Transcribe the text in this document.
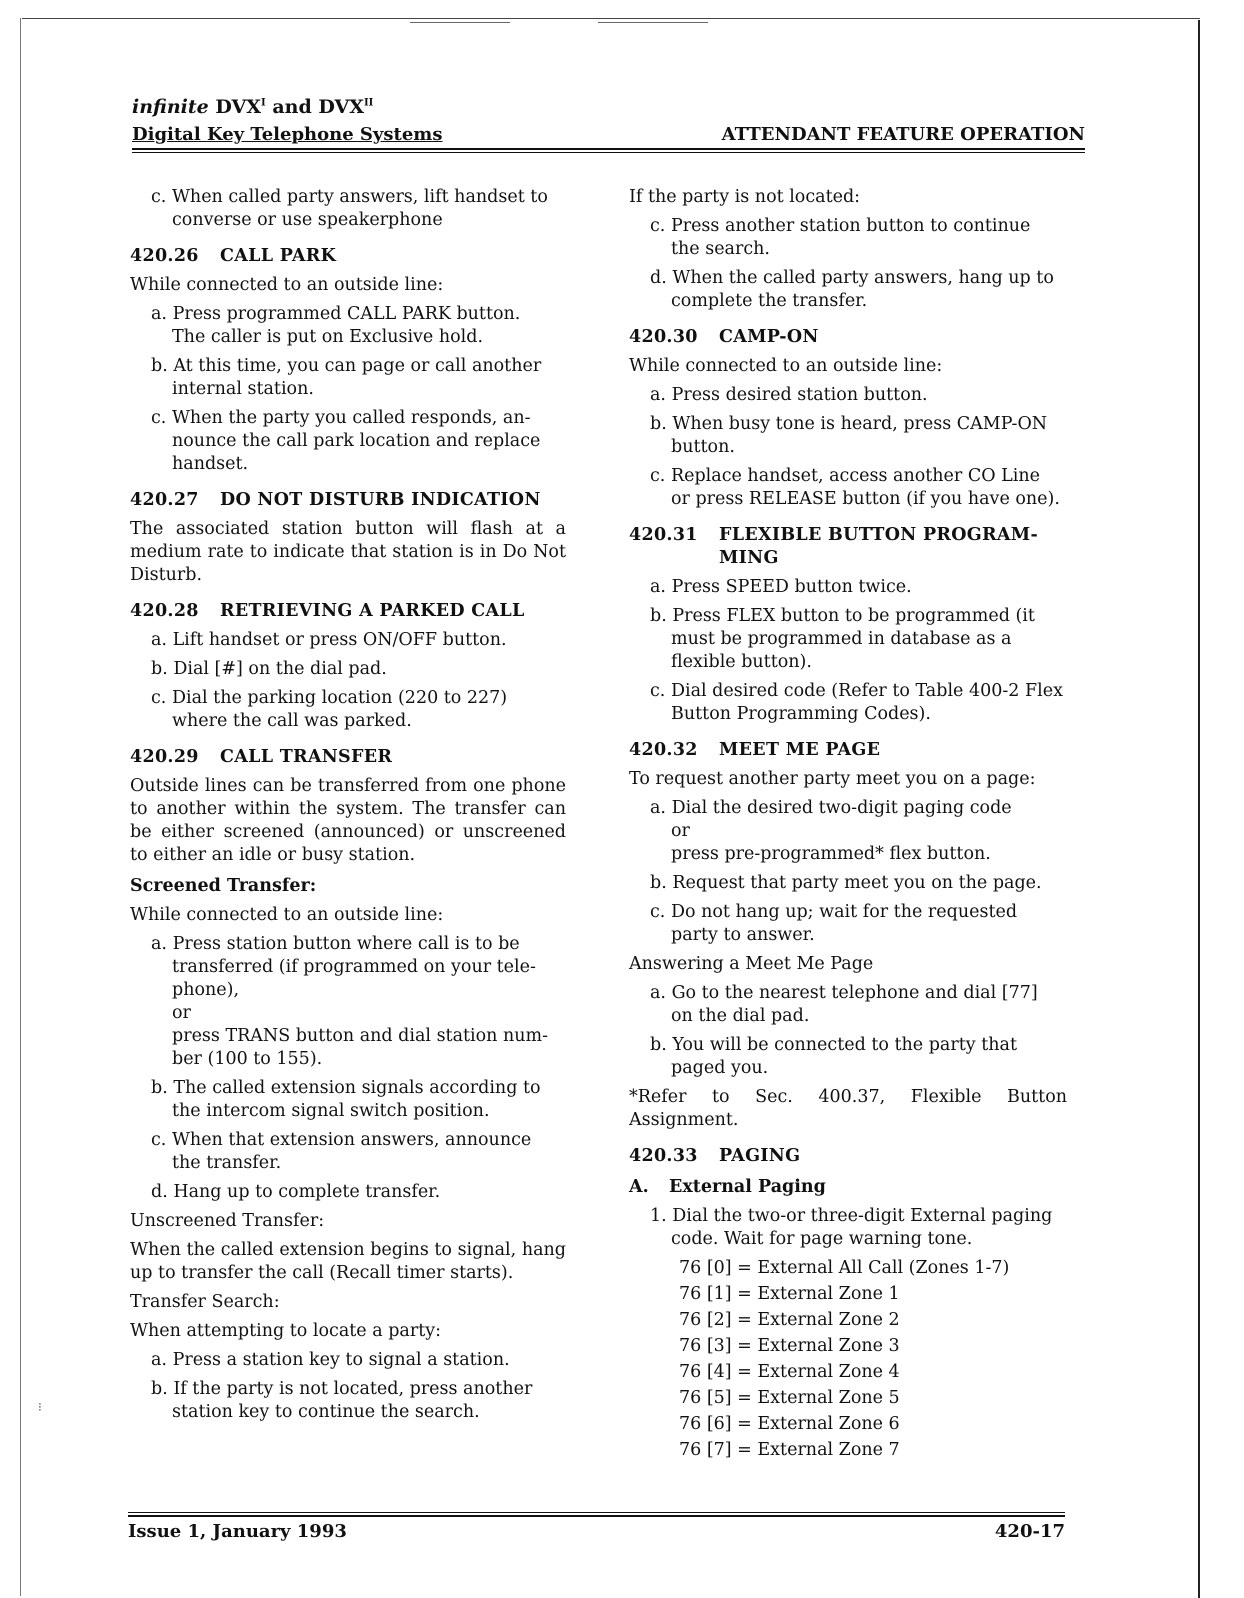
⁝
infinite $DVX^I$ and $DVX^{II}$
Digital Key Telephone Systems	ATTENDANT FEATURE OPERATION

c. When called party answers, lift handset to
converse or use speakerphone

420.26 CALL PARK

While connected to an outside line:

a. Press programmed CALL PARK button.
The caller is put on Exclusive hold.

b. At this time, you can page or call another
internal station.

c. When the party you called responds, an-
nounce the call park location and replace
handset.

420.27 DO NOT DISTURB INDICATION

The associated station button will flash at a medium rate to indicate that station is in Do Not Disturb.

420.28 RETRIEVING A PARKED CALL

a. Lift handset or press ON/OFF button.

b. Dial [#] on the dial pad.

c. Dial the parking location (220 to 227)
where the call was parked.

420.29 CALL TRANSFER

Outside lines can be transferred from one phone to another within the system. The transfer can be either screened (announced) or unscreened to either an idle or busy station.

Screened Transfer:

While connected to an outside line:

a. Press station button where call is to be
transferred (if programmed on your tele-
phone),
or
press TRANS button and dial station num-
ber (100 to 155).

b. The called extension signals according to
the intercom signal switch position.

c. When that extension answers, announce
the transfer.

d. Hang up to complete transfer.

Unscreened Transfer:

When the called extension begins to signal, hang up to transfer the call (Recall timer starts).

Transfer Search:

When attempting to locate a party:

a. Press a station key to signal a station.

b. If the party is not located, press another
station key to continue the search.

If the party is not located:

c. Press another station button to continue
the search.

d. When the called party answers, hang up to
complete the transfer.

420.30 CAMP-ON

While connected to an outside line:

a. Press desired station button.

b. When busy tone is heard, press CAMP-ON
button.

c. Replace handset, access another CO Line
or press RELEASE button (if you have one).

420.31 FLEXIBLE BUTTON PROGRAM-
MING

a. Press SPEED button twice.

b. Press FLEX button to be programmed (it
must be programmed in database as a
flexible button).

c. Dial desired code (Refer to Table 400-2 Flex
Button Programming Codes).

420.32 MEET ME PAGE

To request another party meet you on a page:

a. Dial the desired two-digit paging code
or
press pre-programmed* flex button.

b. Request that party meet you on the page.

c. Do not hang up; wait for the requested
party to answer.

Answering a Meet Me Page

a. Go to the nearest telephone and dial [77]
on the dial pad.

b. You will be connected to the party that
paged you.

*Refer to Sec. 400.37, Flexible Button Assignment.

420.33 PAGING

A. External Paging

1. Dial the two-or three-digit External paging
code. Wait for page warning tone.

76 [0] = External All Call (Zones 1-7)

76 [1] = External Zone 1

76 [2] = External Zone 2

76 [3] = External Zone 3

76 [4] = External Zone 4

76 [5] = External Zone 5

76 [6] = External Zone 6

76 [7] = External Zone 7

Issue 1, January 1993	420-17
